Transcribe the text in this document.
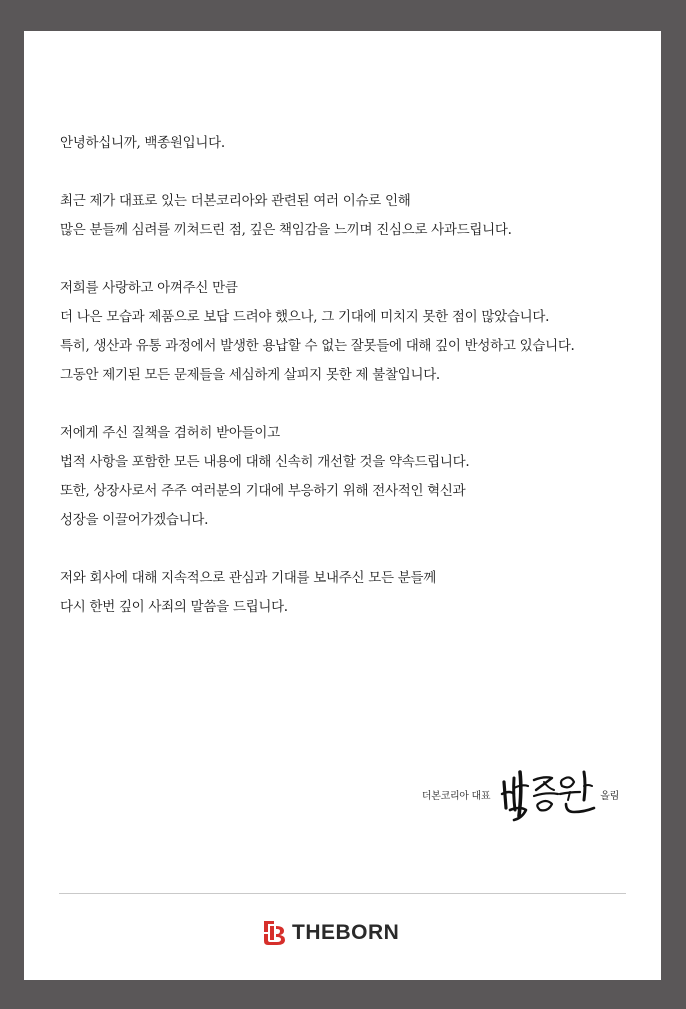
안녕하십니까, 백종원입니다.
최근 제가 대표로 있는 더본코리아와 관련된 여러 이슈로 인해
많은 분들께 심려를 끼쳐드린 점, 깊은 책임감을 느끼며 진심으로 사과드립니다.
저희를 사랑하고 아껴주신 만큼
더 나은 모습과 제품으로 보답 드려야 했으나, 그 기대에 미치지 못한 점이 많았습니다.
특히, 생산과 유통 과정에서 발생한 용납할 수 없는 잘못들에 대해 깊이 반성하고 있습니다.
그동안 제기된 모든 문제들을 세심하게 살피지 못한 제 불찰입니다.
저에게 주신 질책을 겸허히 받아들이고
법적 사항을 포함한 모든 내용에 대해 신속히 개선할 것을 약속드립니다.
또한, 상장사로서 주주 여러분의 기대에 부응하기 위해 전사적인 혁신과
성장을 이끌어가겠습니다.
저와 회사에 대해 지속적으로 관심과 기대를 보내주신 모든 분들께
다시 한번 깊이 사죄의 말씀을 드립니다.
더본코리아 대표	올림
THEBORN
